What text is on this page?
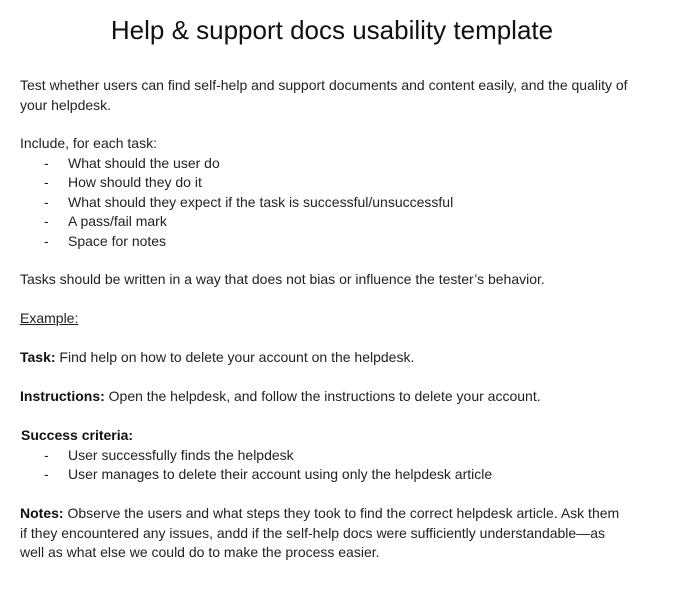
Help & support docs usability template

Test whether users can find self-help and support documents and content easily, and the quality of your helpdesk.

Include, for each task:
- What should the user do
- How should they do it
- What should they expect if the task is successful/unsuccessful
- A pass/fail mark
- Space for notes

Tasks should be written in a way that does not bias or influence the tester’s behavior.

Example:

Task: Find help on how to delete your account on the helpdesk.

Instructions: Open the helpdesk, and follow the instructions to delete your account.

Success criteria:
- User successfully finds the helpdesk
- User manages to delete their account using only the helpdesk article

Notes: Observe the users and what steps they took to find the correct helpdesk article. Ask them if they encountered any issues, andd if the self-help docs were sufficiently understandable—as well as what else we could do to make the process easier.
